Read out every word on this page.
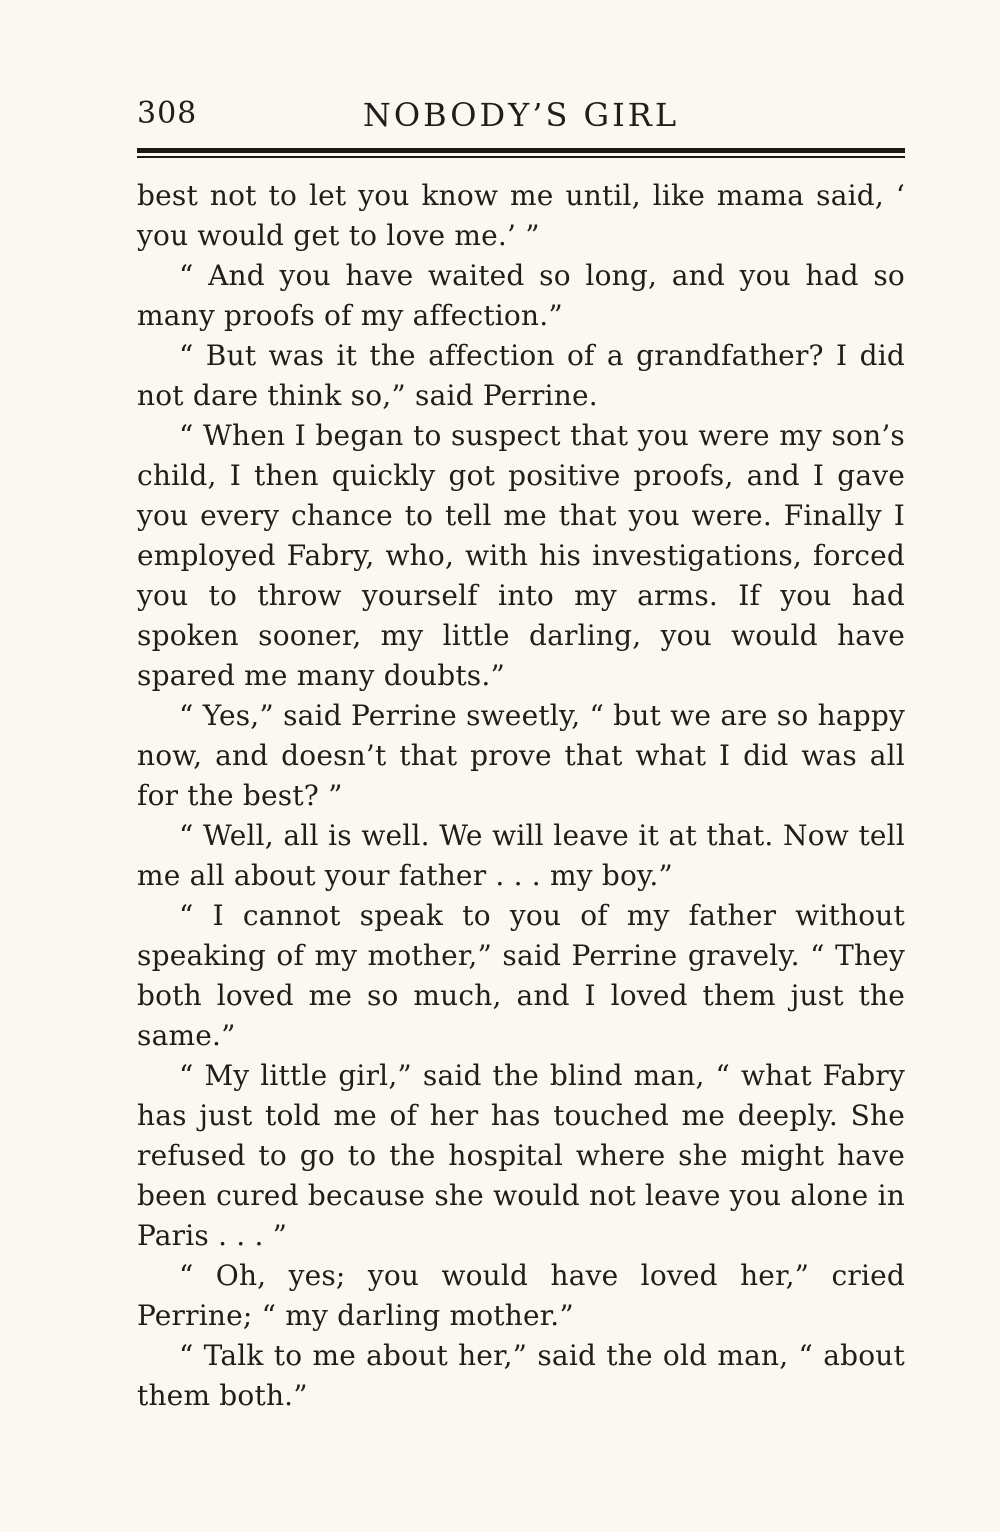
308	NOBODY’S GIRL

best not to let you know me until, like mama said, ‘ you would get to love me.’ ”

“ And you have waited so long, and you had so many proofs of my affection.”

“ But was it the affection of a grandfather? I did not dare think so,” said Perrine.

“ When I began to suspect that you were my son’s child, I then quickly got positive proofs, and I gave you every chance to tell me that you were. Finally I employed Fabry, who, with his investigations, forced you to throw yourself into my arms. If you had spoken sooner, my little darling, you would have spared me many doubts.”

“ Yes,” said Perrine sweetly, “ but we are so happy now, and doesn’t that prove that what I did was all for the best? ”

“ Well, all is well. We will leave it at that. Now tell me all about your father . . . my boy.”

“ I cannot speak to you of my father without speaking of my mother,” said Perrine gravely. “ They both loved me so much, and I loved them just the same.”

“ My little girl,” said the blind man, “ what Fabry has just told me of her has touched me deeply. She refused to go to the hospital where she might have been cured because she would not leave you alone in Paris . . . ”

“ Oh, yes; you would have loved her,” cried Perrine; “ my darling mother.”

“ Talk to me about her,” said the old man, “ about them both.”
